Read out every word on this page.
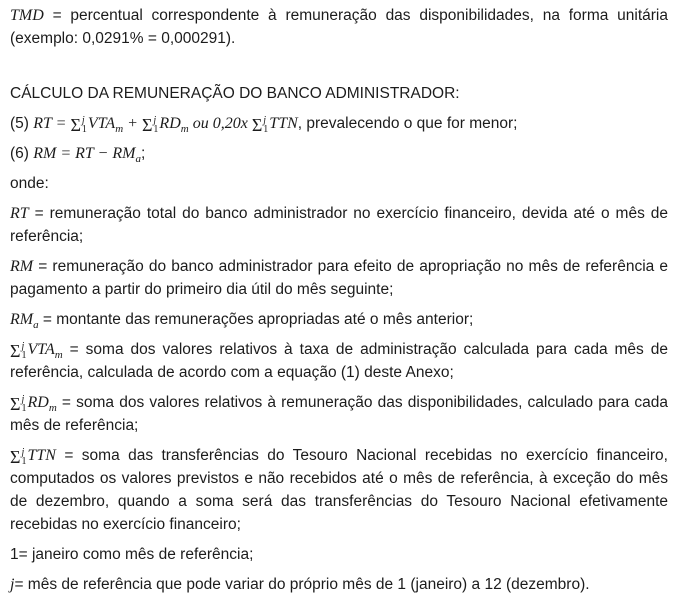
TMD = percentual correspondente à remuneração das disponibilidades, na forma unitária (exemplo: 0,0291% = 0,000291).

CÁLCULO DA REMUNERAÇÃO DO BANCO ADMINISTRADOR:

(5) RT = Σ j
1 $VTA_m + \Sigma$ j
1 $RD_m$ ou 0,20x Σ j
1 TTN, prevalecendo o que for menor;

(6) RM = RT − $RM_a$;

onde:

RT = remuneração total do banco administrador no exercício financeiro, devida até o mês de referência;

RM = remuneração do banco administrador para efeito de apropriação no mês de referência e pagamento a partir do primeiro dia útil do mês seguinte;

$RM_a$ = montante das remunerações apropriadas até o mês anterior;

Σ j
1 $VTA_m$ = soma dos valores relativos à taxa de administração calculada para cada mês de referência, calculada de acordo com a equação (1) deste Anexo;

Σ j
1 $RD_m$ = soma dos valores relativos à remuneração das disponibilidades, calculado para cada mês de referência;

Σ j
1 TTN = soma das transferências do Tesouro Nacional recebidas no exercício financeiro, computados os valores previstos e não recebidos até o mês de referência, à exceção do mês de dezembro, quando a soma será das transferências do Tesouro Nacional efetivamente recebidas no exercício financeiro;

1= janeiro como mês de referência;

j= mês de referência que pode variar do próprio mês de 1 (janeiro) a 12 (dezembro).
